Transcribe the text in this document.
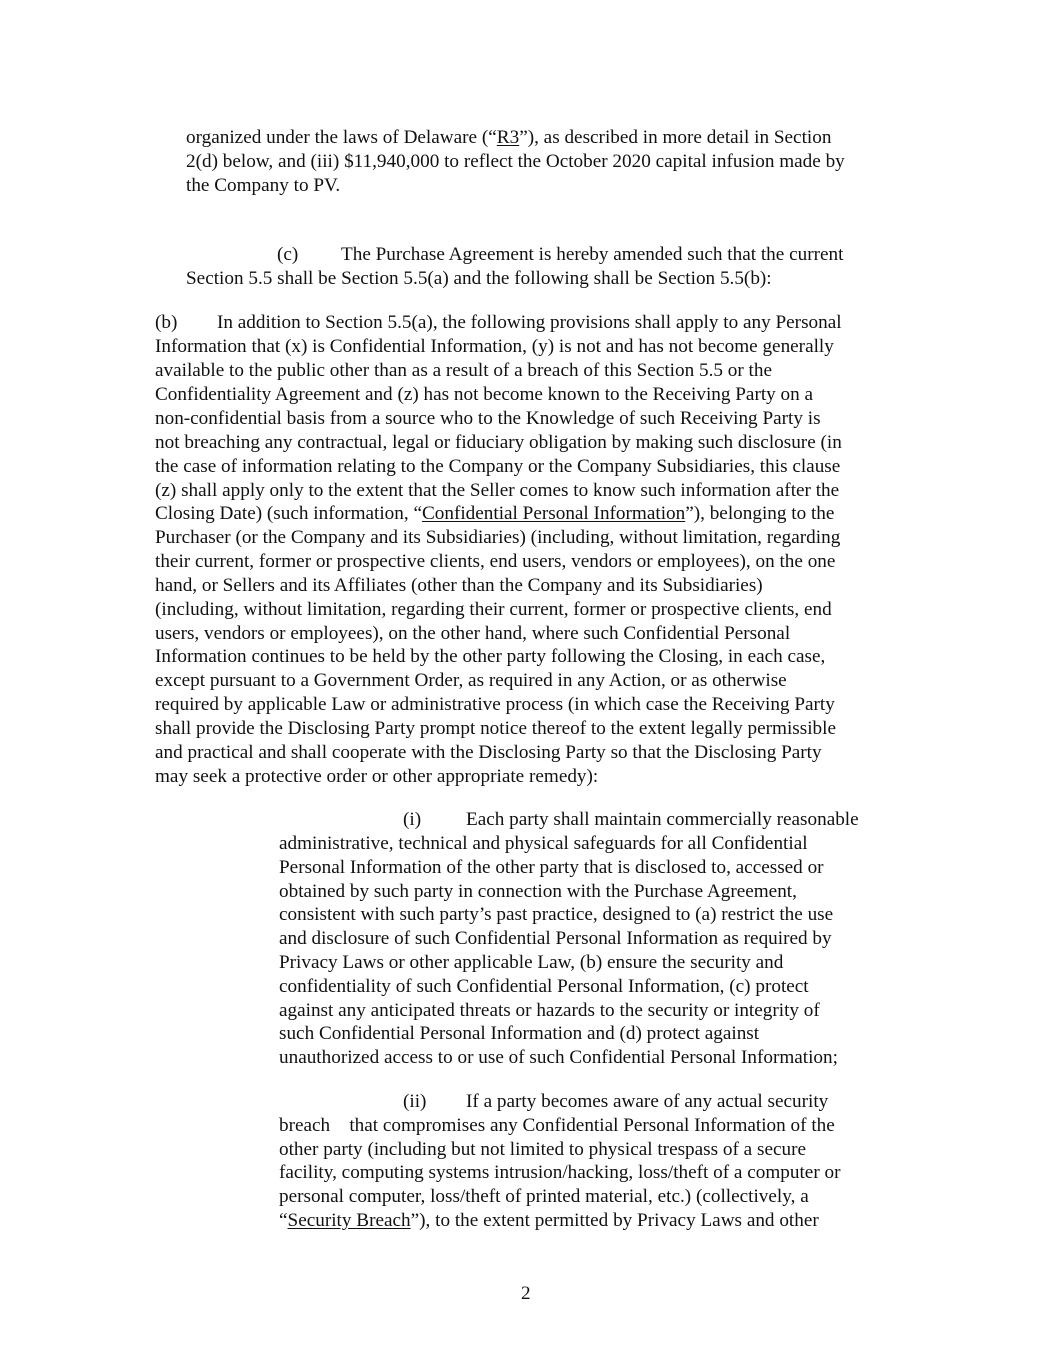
organized under the laws of Delaware (“R3”), as described in more detail in Section
2(d) below, and (iii) $11,940,000 to reflect the October 2020 capital infusion made by
the Company to PV.
(c) The Purchase Agreement is hereby amended such that the current
Section 5.5 shall be Section 5.5(a) and the following shall be Section 5.5(b):
(b) In addition to Section 5.5(a), the following provisions shall apply to any Personal
Information that (x) is Confidential Information, (y) is not and has not become generally
available to the public other than as a result of a breach of this Section 5.5 or the
Confidentiality Agreement and (z) has not become known to the Receiving Party on a
non-confidential basis from a source who to the Knowledge of such Receiving Party is
not breaching any contractual, legal or fiduciary obligation by making such disclosure (in
the case of information relating to the Company or the Company Subsidiaries, this clause
(z) shall apply only to the extent that the Seller comes to know such information after the
Closing Date) (such information, “Confidential Personal Information”), belonging to the
Purchaser (or the Company and its Subsidiaries) (including, without limitation, regarding
their current, former or prospective clients, end users, vendors or employees), on the one
hand, or Sellers and its Affiliates (other than the Company and its Subsidiaries)
(including, without limitation, regarding their current, former or prospective clients, end
users, vendors or employees), on the other hand, where such Confidential Personal
Information continues to be held by the other party following the Closing, in each case,
except pursuant to a Government Order, as required in any Action, or as otherwise
required by applicable Law or administrative process (in which case the Receiving Party
shall provide the Disclosing Party prompt notice thereof to the extent legally permissible
and practical and shall cooperate with the Disclosing Party so that the Disclosing Party
may seek a protective order or other appropriate remedy):
(i) Each party shall maintain commercially reasonable
administrative, technical and physical safeguards for all Confidential
Personal Information of the other party that is disclosed to, accessed or
obtained by such party in connection with the Purchase Agreement,
consistent with such party’s past practice, designed to (a) restrict the use
and disclosure of such Confidential Personal Information as required by
Privacy Laws or other applicable Law, (b) ensure the security and
confidentiality of such Confidential Personal Information, (c) protect
against any anticipated threats or hazards to the security or integrity of
such Confidential Personal Information and (d) protect against
unauthorized access to or use of such Confidential Personal Information;
(ii) If a party becomes aware of any actual security
breach    that compromises any Confidential Personal Information of the
other party (including but not limited to physical trespass of a secure
facility, computing systems intrusion/hacking, loss/theft of a computer or
personal computer, loss/theft of printed material, etc.) (collectively, a
“Security Breach”), to the extent permitted by Privacy Laws and other
2
